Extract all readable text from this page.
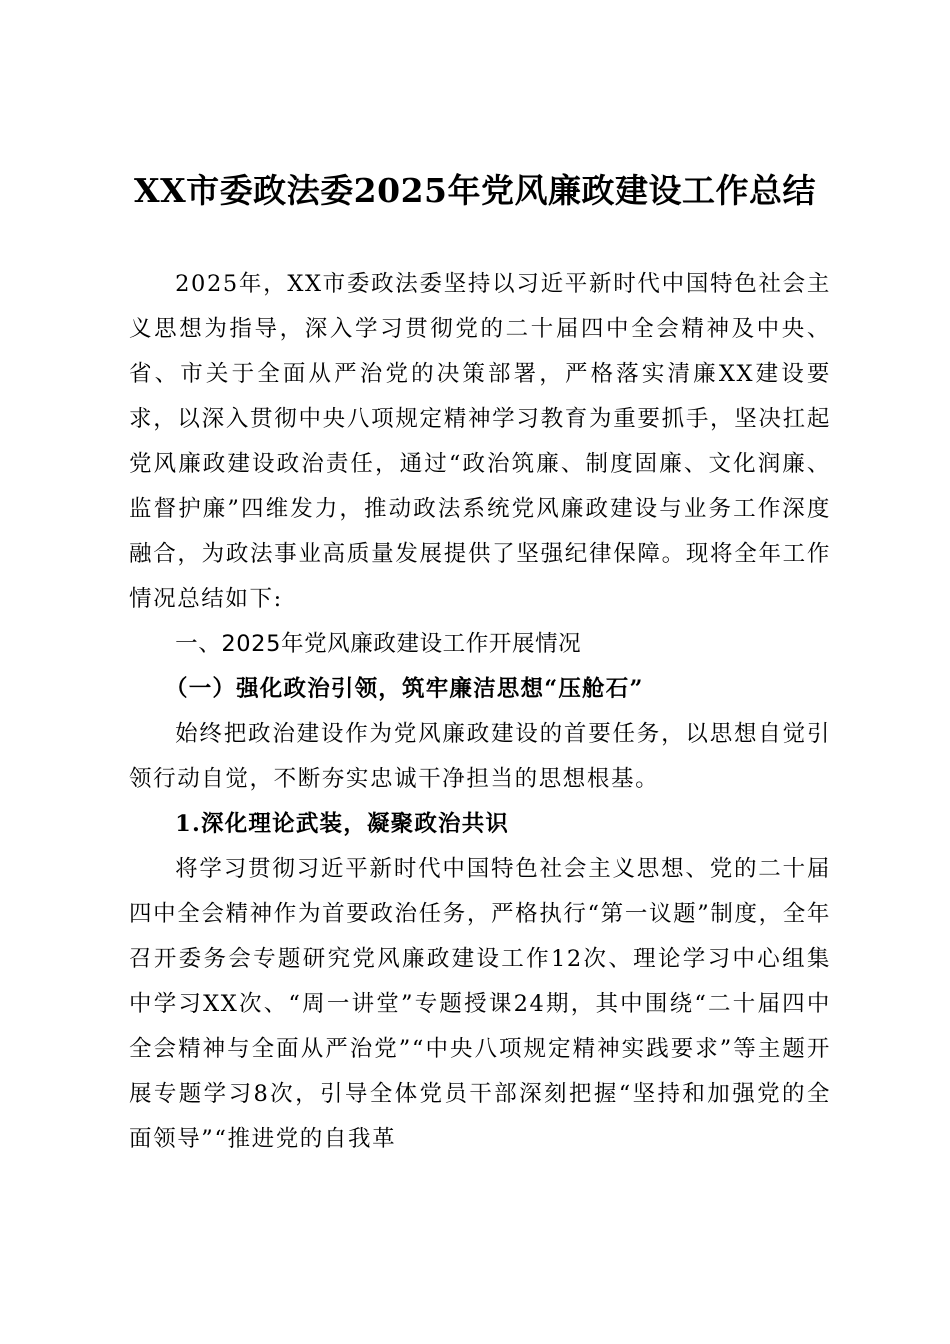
XX市委政法委2025年党风廉政建设工作总结

2025年，XX市委政法委坚持以习近平新时代中国特色社会主义思想为指导，深入学习贯彻党的二十届四中全会精神及中央、省、市关于全面从严治党的决策部署，严格落实清廉XX建设要求，以深入贯彻中央八项规定精神学习教育为重要抓手，坚决扛起党风廉政建设政治责任，通过“政治筑廉、制度固廉、文化润廉、监督护廉”四维发力，推动政法系统党风廉政建设与业务工作深度融合，为政法事业高质量发展提供了坚强纪律保障。现将全年工作情况总结如下:

一、2025年党风廉政建设工作开展情况

（一）强化政治引领，筑牢廉洁思想“压舱石”

始终把政治建设作为党风廉政建设的首要任务，以思想自觉引领行动自觉，不断夯实忠诚干净担当的思想根基。

1.深化理论武装，凝聚政治共识

将学习贯彻习近平新时代中国特色社会主义思想、党的二十届四中全会精神作为首要政治任务，严格执行“第一议题”制度，全年召开委务会专题研究党风廉政建设工作12次、理论学习中心组集中学习XX次、“周一讲堂”专题授课24期，其中围绕“二十届四中全会精神与全面从严治党”“中央八项规定精神实践要求”等主题开展专题学习8次，引导全体党员干部深刻把握“坚持和加强党的全面领导”“推进党的自我革
